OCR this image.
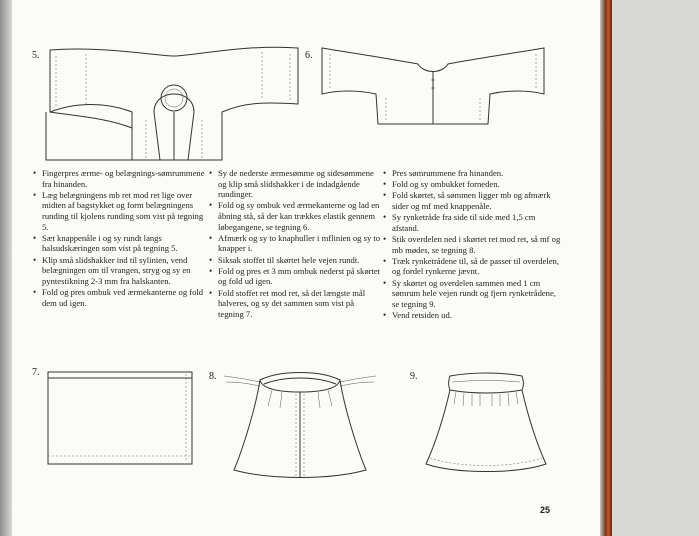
5.	6.
• Fingerpres ærme- og belægnings-sømrummene fra hinanden.
• Læg belægningens mb ret mod ret lige over midten af bagstykket og form belægningens runding til kjolens runding som vist på tegning 5.
• Sæt knappenåle i og sy rundt langs halsudskæringen som vist på tegning 5.
• Klip små slidshakker ind til sylinien, vend belægningen om til vrangen, stryg og sy en pyntestikning 2-3 mm fra halskanten.
• Fold og pres ombuk ved ærmekanterne og fold dem ud igen.
• Sy de nederste ærmesømme og sidesømmene og klip små slidshakker i de indadgående rundinger.
• Fold og sy ombuk ved ærmekanterne og lad en åbning stå, så der kan trækkes elastik gennem løbegangene, se tegning 6.
• Afmærk og sy to knaphuller i mflinien og sy to knapper i.
• Siksak stoffet til skørtet hele vejen rundt.
• Fold og pres et 3 mm ombuk nederst på skørtet og fold ud igen.
• Fold stoffet ret mod ret, så det længste mål halveres, og sy det sammen som vist på tegning 7.
• Pres sømrummene fra hinanden.
• Fold og sy ombukket forneden.
• Fold skørtet, så sømmen ligger mb og afmærk sider og mf med knappenåle.
• Sy rynketråde fra side til side med 1,5 cm afstand.
• Stik overdelen ned i skørtet ret mod ret, så mf og mb mødes, se tegning 8.
• Træk rynketrådene til, så de passer til overdelen, og fordel rynkerne jævnt.
• Sy skørtet og overdelen sammen med 1 cm sømrum hele vejen rundt og fjern rynketrådene, se tegning 9.
• Vend retsiden ud.
7.	8.	9.
25
